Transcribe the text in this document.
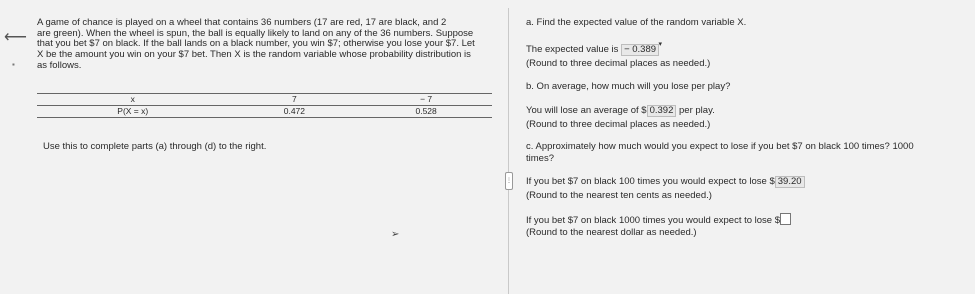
⟵
▪

A game of chance is played on a wheel that contains 36 numbers (17 are red, 17 are black, and 2
are green). When the wheel is spun, the ball is equally likely to land on any of the 36 numbers. Suppose
that you bet $7 on black. If the ball lands on a black number, you win $7; otherwise you lose your $7. Let
X be the amount you win on your $7 bet. Then X is the random variable whose probability distribution is
as follows.

x	7	− 7
P(X = x)	0.472	0.528
Use this to complete parts (a) through (d) to the right.
⋮
a. Find the expected value of the random variable X.
The expected value is − 0.389 ▾
(Round to three decimal places as needed.)
b. On average, how much will you lose per play?
You will lose an average of $ 0.392 per play.
(Round to three decimal places as needed.)
c. Approximately how much would you expect to lose if you bet $7 on black 100 times? 1000
times?
If you bet $7 on black 100 times you would expect to lose $ 39.20
(Round to the nearest ten cents as needed.)
If you bet $7 on black 1000 times you would expect to lose $
(Round to the nearest dollar as needed.)
➢
